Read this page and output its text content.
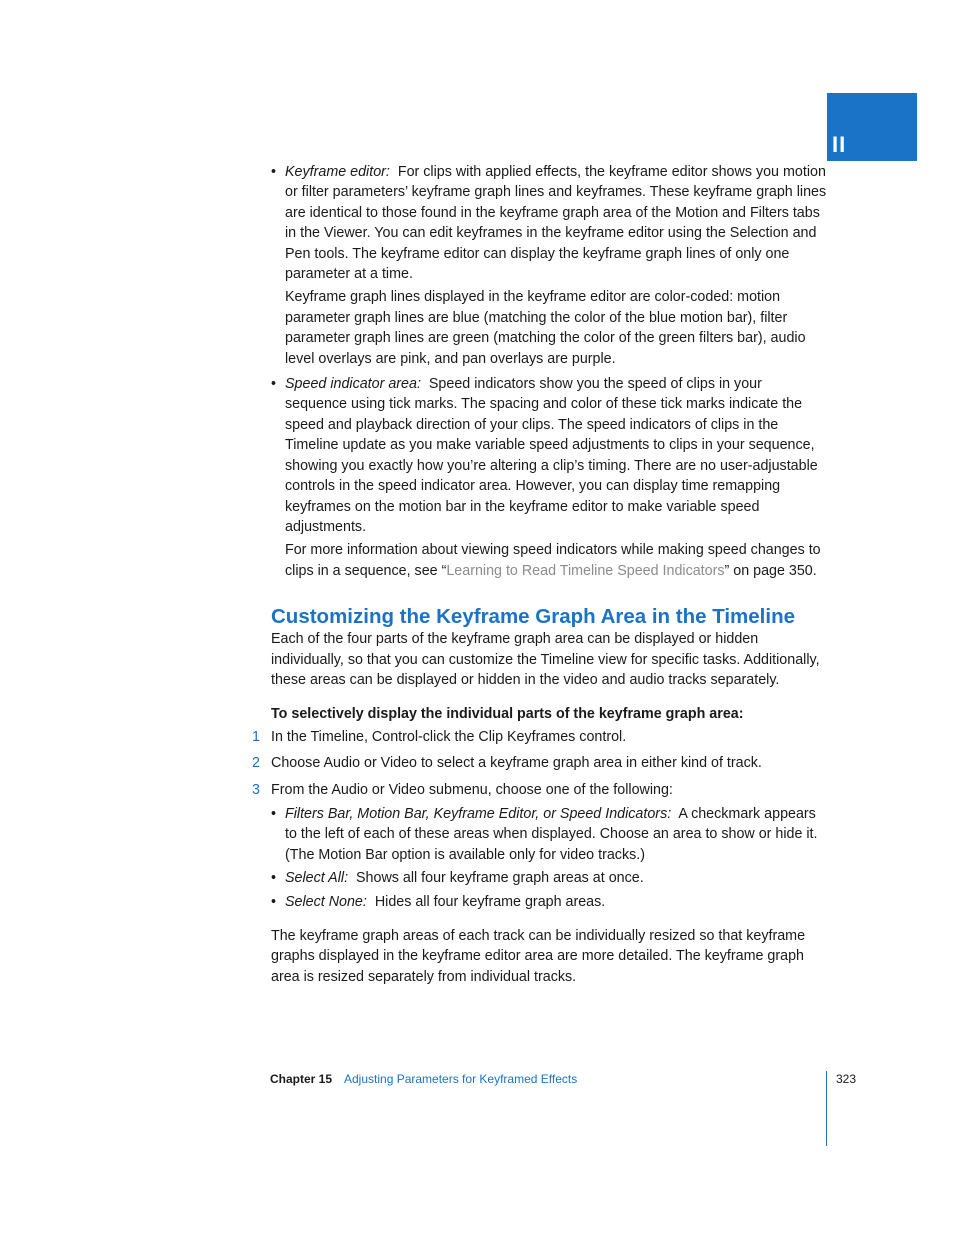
II
• Keyframe editor: For clips with applied effects, the keyframe editor shows you motion or filter parameters’ keyframe graph lines and keyframes. These keyframe graph lines are identical to those found in the keyframe graph area of the Motion and Filters tabs in the Viewer. You can edit keyframes in the keyframe editor using the Selection and Pen tools. The keyframe editor can display the keyframe graph lines of only one parameter at a time.

Keyframe graph lines displayed in the keyframe editor are color-coded: motion parameter graph lines are blue (matching the color of the blue motion bar), filter parameter graph lines are green (matching the color of the green filters bar), audio level overlays are pink, and pan overlays are purple.

• Speed indicator area: Speed indicators show you the speed of clips in your sequence using tick marks. The spacing and color of these tick marks indicate the speed and playback direction of your clips. The speed indicators of clips in the Timeline update as you make variable speed adjustments to clips in your sequence, showing you exactly how you’re altering a clip’s timing. There are no user-adjustable controls in the speed indicator area. However, you can display time remapping keyframes on the motion bar in the keyframe editor to make variable speed adjustments.

For more information about viewing speed indicators while making speed changes to clips in a sequence, see “Learning to Read Timeline Speed Indicators” on page 350.

Customizing the Keyframe Graph Area in the Timeline

Each of the four parts of the keyframe graph area can be displayed or hidden individually, so that you can customize the Timeline view for specific tasks. Additionally, these areas can be displayed or hidden in the video and audio tracks separately.

To selectively display the individual parts of the keyframe graph area:

1 In the Timeline, Control-click the Clip Keyframes control.
2 Choose Audio or Video to select a keyframe graph area in either kind of track.
3 From the Audio or Video submenu, choose one of the following:
• Filters Bar, Motion Bar, Keyframe Editor, or Speed Indicators: A checkmark appears to the left of each of these areas when displayed. Choose an area to show or hide it. (The Motion Bar option is available only for video tracks.)

• Select All: Shows all four keyframe graph areas at once.

• Select None: Hides all four keyframe graph areas.

The keyframe graph areas of each track can be individually resized so that keyframe graphs displayed in the keyframe editor area are more detailed. The keyframe graph area is resized separately from individual tracks.

Chapter 15 Adjusting Parameters for Keyframed Effects	323
